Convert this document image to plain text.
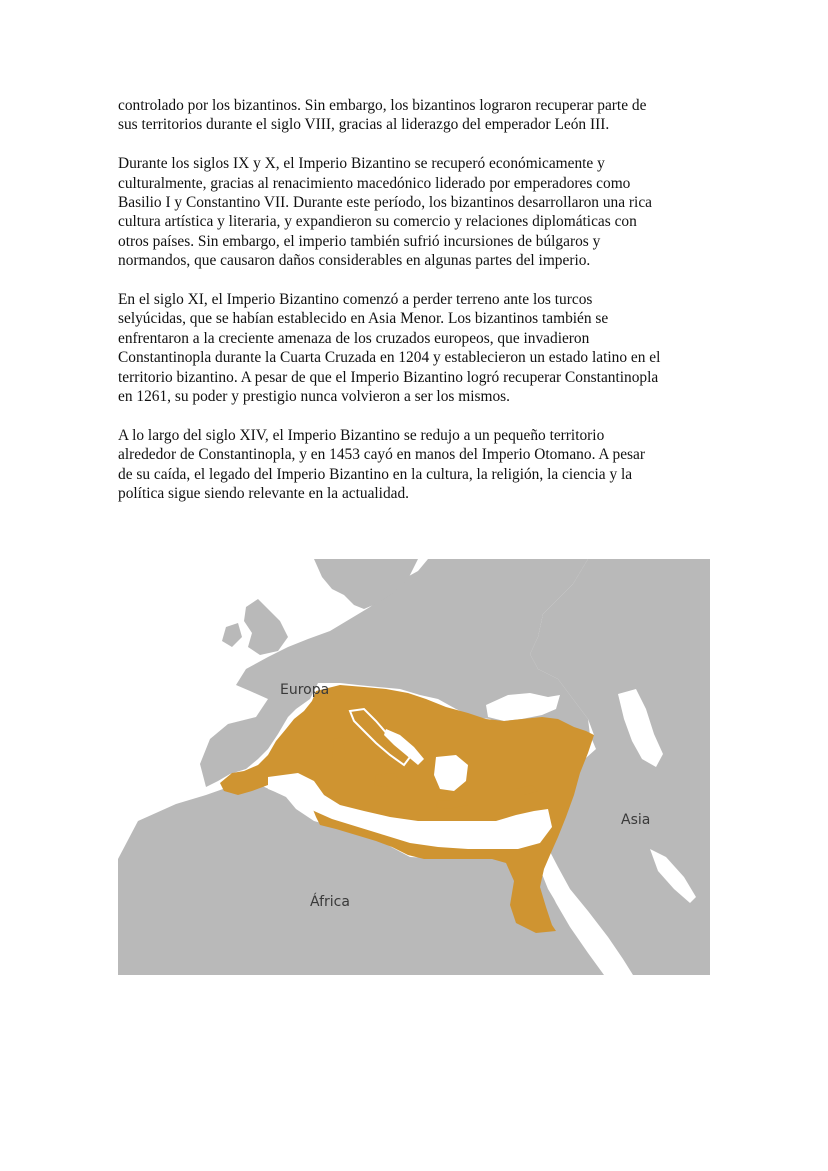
controlado por los bizantinos. Sin embargo, los bizantinos lograron recuperar parte de
sus territorios durante el siglo VIII, gracias al liderazgo del emperador León III.

Durante los siglos IX y X, el Imperio Bizantino se recuperó económicamente y
culturalmente, gracias al renacimiento macedónico liderado por emperadores como
Basilio I y Constantino VII. Durante este período, los bizantinos desarrollaron una rica
cultura artística y literaria, y expandieron su comercio y relaciones diplomáticas con
otros países. Sin embargo, el imperio también sufrió incursiones de búlgaros y
normandos, que causaron daños considerables en algunas partes del imperio.

En el siglo XI, el Imperio Bizantino comenzó a perder terreno ante los turcos
selyúcidas, que se habían establecido en Asia Menor. Los bizantinos también se
enfrentaron a la creciente amenaza de los cruzados europeos, que invadieron
Constantinopla durante la Cuarta Cruzada en 1204 y establecieron un estado latino en el
territorio bizantino. A pesar de que el Imperio Bizantino logró recuperar Constantinopla
en 1261, su poder y prestigio nunca volvieron a ser los mismos.

A lo largo del siglo XIV, el Imperio Bizantino se redujo a un pequeño territorio
alrededor de Constantinopla, y en 1453 cayó en manos del Imperio Otomano. A pesar
de su caída, el legado del Imperio Bizantino en la cultura, la religión, la ciencia y la
política sigue siendo relevante en la actualidad.

Europa
Asia
África
